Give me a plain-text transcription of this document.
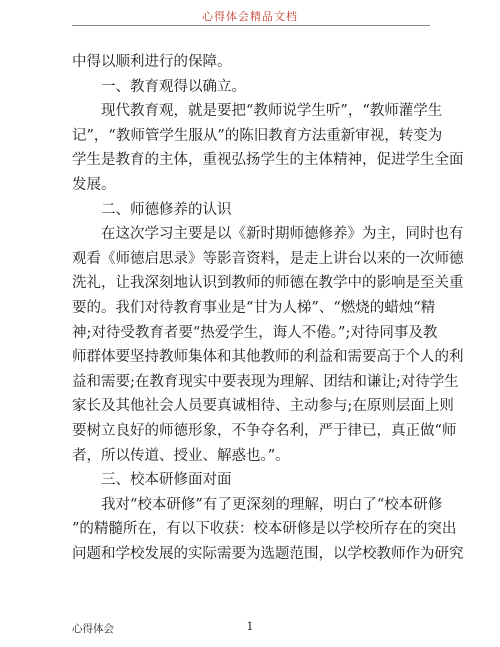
心得体会精品文档
中得以顺利进行的保障。
一、教育观得以确立。
现代教育观，就是要把“教师说学生听”，“教师灌学生
记”，“教师管学生服从”的陈旧教育方法重新审视，转变为
学生是教育的主体，重视弘扬学生的主体精神，促进学生全面
发展。
二、师德修养的认识
在这次学习主要是以《新时期师德修养》为主，同时也有
观看《师德启思录》等影音资料，是走上讲台以来的一次师德
洗礼，让我深刻地认识到教师的师德在教学中的影响是至关重
要的。我们对待教育事业是“甘为人梯”、“燃烧的蜡烛“精
神;对待受教育者要“热爱学生，诲人不倦。”;对待同事及教
师群体要坚持教师集体和其他教师的利益和需要高于个人的利
益和需要;在教育现实中要表现为理解、团结和谦让;对待学生
家长及其他社会人员要真诚相待、主动参与;在原则层面上则
要树立良好的师德形象，不争夺名利，严于律已，真正做“师
者，所以传道、授业、解惑也。”。
三、校本研修面对面
我对“校本研修”有了更深刻的理解，明白了“校本研修
”的精髓所在，有以下收获：校本研修是以学校所存在的突出
问题和学校发展的实际需要为选题范围，以学校教师作为研究
心得体会	1
